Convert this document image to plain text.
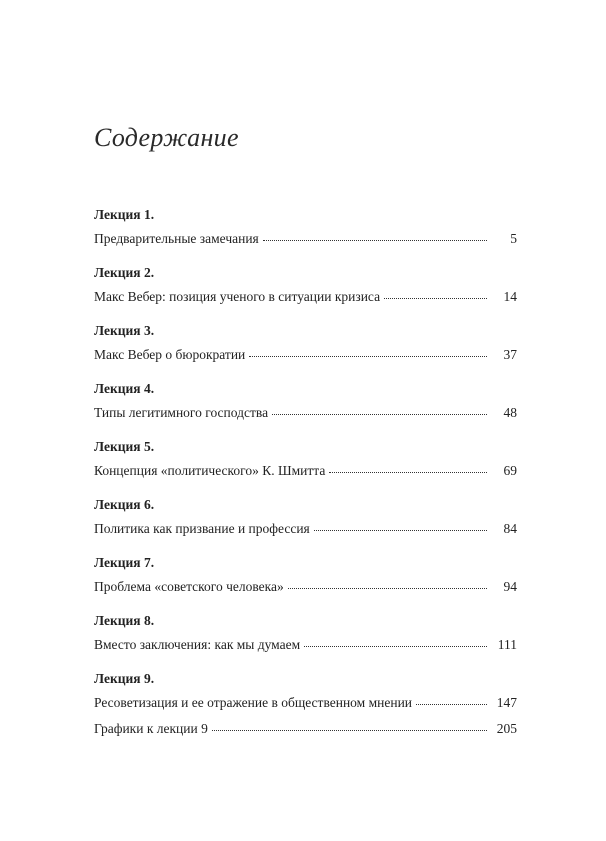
Содержание
Лекция 1.
Предварительные замечания	5
Лекция 2.
Макс Вебер: позиция ученого в ситуации кризиса	14
Лекция 3.
Макс Вебер о бюрократии	37
Лекция 4.
Типы легитимного господства	48
Лекция 5.
Концепция «политического» К. Шмитта	69
Лекция 6.
Политика как призвание и профессия	84
Лекция 7.
Проблема «советского человека»	94
Лекция 8.
Вместо заключения: как мы думаем	111
Лекция 9.
Ресоветизация и ее отражение в общественном мнении	147
Графики к лекции 9	205
